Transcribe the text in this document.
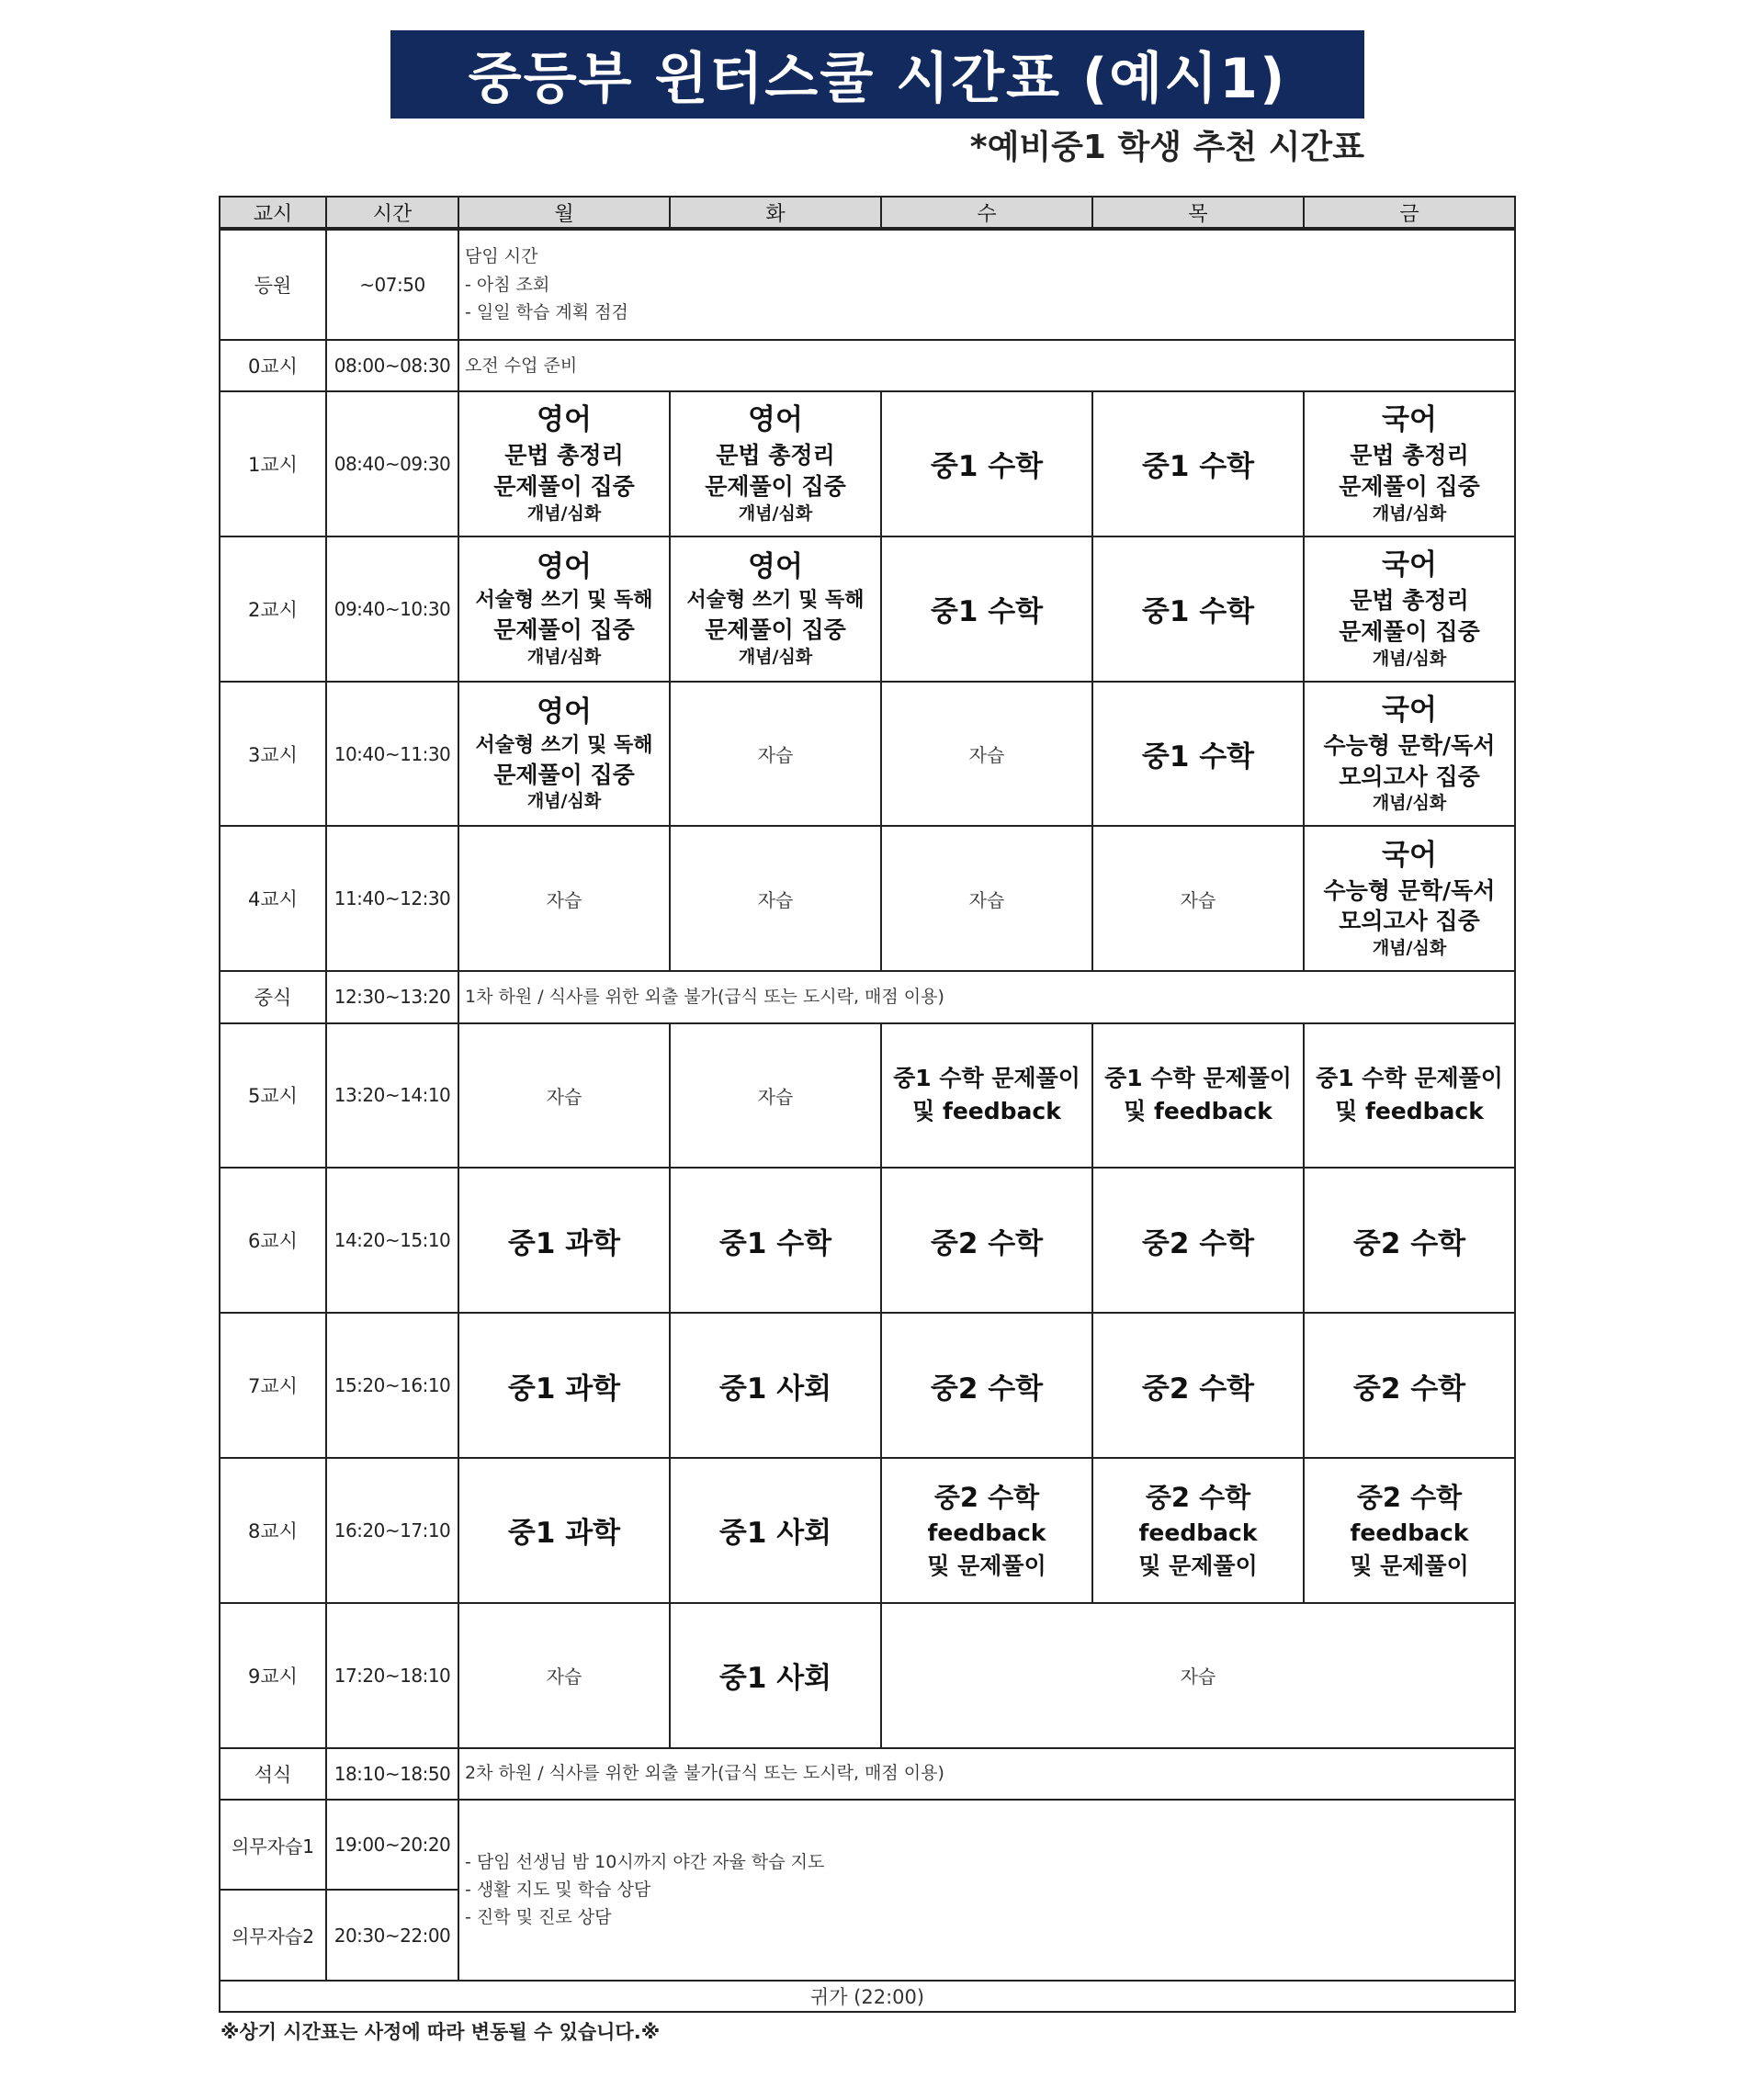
중등부 윈터스쿨 시간표 (예시1)
*예비중1 학생 추천 시간표
교시	시간	월	화	수	목	금
등원	~07:50	담임 시간
- 아침 조회
- 일일 학습 계획 점검				

0교시	08:00~08:30	오전 수업 준비				
1교시	08:40~09:30	영어
문법 총정리
문제풀이 집중
개념/심화	영어
문법 총정리
문제풀이 집중
개념/심화	중1 수학	중1 수학	국어
문법 총정리
문제풀이 집중
개념/심화

2교시	09:40~10:30	영어
서술형 쓰기 및 독해
문제풀이 집중
개념/심화	영어
서술형 쓰기 및 독해
문제풀이 집중
개념/심화	중1 수학	중1 수학	국어
문법 총정리
문제풀이 집중
개념/심화

3교시	10:40~11:30	영어
서술형 쓰기 및 독해
문제풀이 집중
개념/심화	자습	자습	중1 수학	국어
수능형 문학/독서
모의고사 집중
개념/심화

4교시	11:40~12:30	자습	자습	자습	자습	국어
수능형 문학/독서
모의고사 집중
개념/심화

중식	12:30~13:20	1차 하원 / 식사를 위한 외출 불가(급식 또는 도시락, 매점 이용)				
5교시	13:20~14:10	자습	자습	중1 수학 문제풀이
및 feedback	중1 수학 문제풀이
및 feedback	중1 수학 문제풀이
및 feedback

6교시	14:20~15:10	중1 과학	중1 수학	중2 수학	중2 수학	중2 수학
7교시	15:20~16:10	중1 과학	중1 사회	중2 수학	중2 수학	중2 수학
8교시	16:20~17:10	중1 과학	중1 사회	중2 수학
feedback
및 문제풀이	중2 수학
feedback
및 문제풀이	중2 수학
feedback
및 문제풀이

9교시	17:20~18:10	자습	중1 사회	자습		
석식	18:10~18:50	2차 하원 / 식사를 위한 외출 불가(급식 또는 도시락, 매점 이용)				
의무자습1	19:00~20:20	- 담임 선생님 밤 10시까지 야간 자율 학습 지도
- 생활 지도 및 학습 상담
- 진학 및 진로 상담				

의무자습2	20:30~22:00					
귀가 (22:00)						
※상기 시간표는 사정에 따라 변동될 수 있습니다.※
